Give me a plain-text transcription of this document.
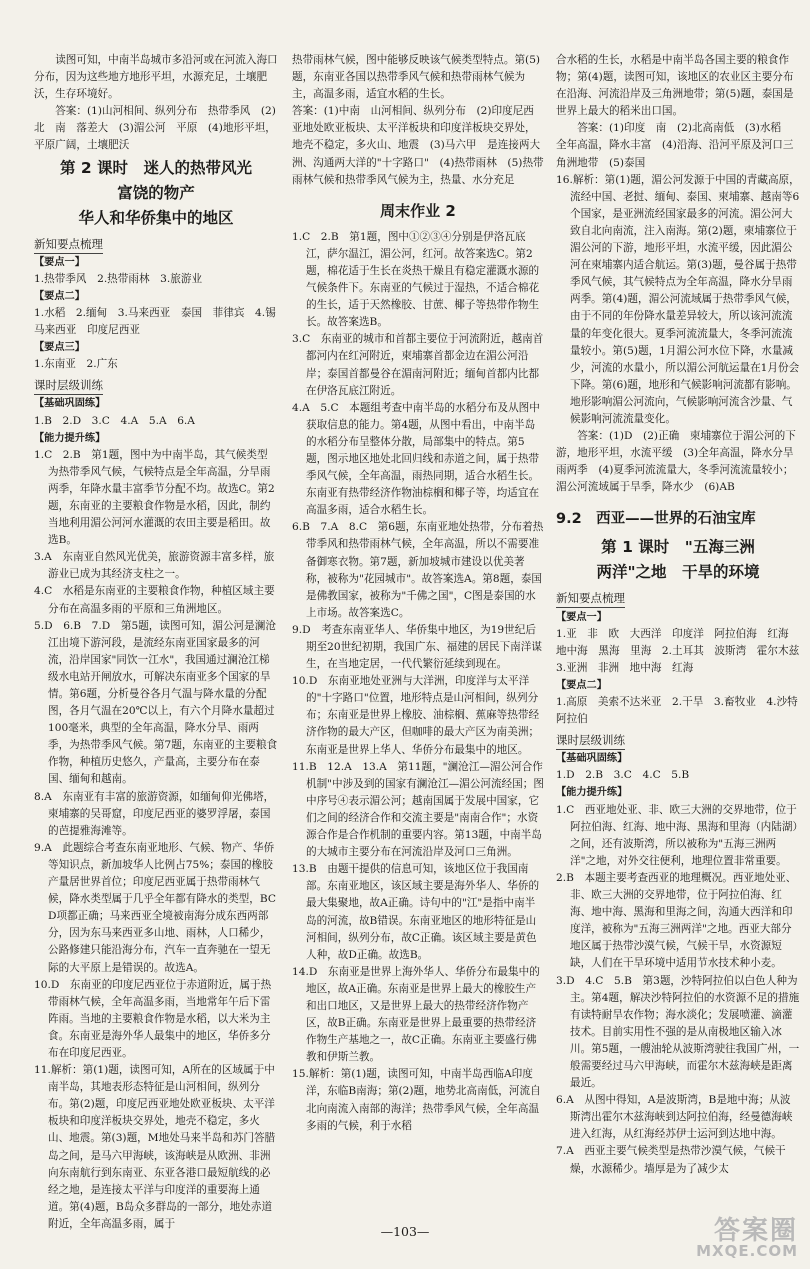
读图可知，中南半岛城市多沿河或在河流入海口分布，因为这些地方地形平坦，水源充足，土壤肥沃，生存环境好。

答案：(1)山河相间、纵列分布　热带季风　(2)北　南　落差大　(3)湄公河　平原　(4)地形平坦，平原广阔，土壤肥沃

第 2 课时　迷人的热带风光
富饶的物产
华人和华侨集中的地区
新知要点梳理

【要点一】

1.热带季风　2.热带雨林　3.旅游业

【要点二】

1.水稻　2.缅甸　3.马来西亚　泰国　菲律宾　4.锡　马来西亚　印度尼西亚

【要点三】

1.东南亚　2.广东

课时层级训练

【基础巩固练】

1.B　2.D　3.C　4.A　5.A　6.A

【能力提升练】

1.C　2.B　第1题，图中为中南半岛，其气候类型为热带季风气候，气候特点是全年高温，分旱雨两季，年降水量丰富季节分配不均。故选C。第2题，东南亚的主要粮食作物是水稻，因此，制约当地利用湄公河河水灌溉的农田主要是稻田。故选B。

3.A　东南亚自然风光优美，旅游资源丰富多样，旅游业已成为其经济支柱之一。

4.C　水稻是东南亚的主要粮食作物，种植区域主要分布在高温多雨的平原和三角洲地区。

5.D　6.B　7.D　第5题，读图可知，湄公河是澜沧江出境下游河段，是流经东南亚国家最多的河流，沿岸国家"同饮一江水"，我国通过澜沧江梯级水电站开闸放水，可解决东南亚多个国家的旱情。第6题，分析曼谷各月气温与降水量的分配图，各月气温在20℃以上，有六个月降水量超过100毫米，典型的全年高温，降水分旱、雨两季，为热带季风气候。第7题，东南亚的主要粮食作物，种植历史悠久，产量高，主要分布在泰国、缅甸和越南。

8.A　东南亚有丰富的旅游资源，如缅甸仰光佛塔，柬埔寨的吴哥窟，印度尼西亚的婆罗浮屠，泰国的芭提雅海滩等。

9.A　此题综合考查东南亚地形、气候、物产、华侨等知识点，新加坡华人比例占75%；泰国的橡胶产量居世界首位；印度尼西亚属于热带雨林气候，降水类型属于几乎全年都有降水的类型，BCD项都正确；马来西亚全境被南海分成东西两部分，因为东马来西亚多山地、雨林，人口稀少，公路修建只能沿海分布，汽车一直奔驰在一望无际的大平原上是错误的。故选A。

10.D　东南亚的印度尼西亚位于赤道附近，属于热带雨林气候，全年高温多雨，当地常年午后下雷阵雨。当地的主要粮食作物是水稻，以大米为主食。东南亚是海外华人最集中的地区，华侨多分布在印度尼西亚。

11.解析：第(1)题，读图可知，A所在的区域属于中南半岛，其地表形态特征是山河相间，纵列分布。第(2)题，印度尼西亚地处欧亚板块、太平洋板块和印度洋板块交界处，地壳不稳定，多火山、地震。第(3)题，M地处马来半岛和苏门答腊岛之间，是马六甲海峡，该海峡是从欧洲、非洲向东南航行到东南亚、东亚各港口最短航线的必经之地，是连接太平洋与印度洋的重要海上通道。第(4)题，B岛众多群岛的一部分，地处赤道附近，全年高温多雨，属于

热带雨林气候，图中能够反映该气候类型特点。第(5)题，东南亚各国以热带季风气候和热带雨林气候为主，高温多雨，适宜水稻的生长。

答案：(1)中南　山河相间、纵列分布　(2)印度尼西亚地处欧亚板块、太平洋板块和印度洋板块交界处，地壳不稳定，多火山、地震　(3)马六甲　是连接两大洲、沟通两大洋的"十字路口"　(4)热带雨林　(5)热带雨林气候和热带季风气候为主，热量、水分充足

周末作业 2

1.C　2.B　第1题，图中①②③④分别是伊洛瓦底江，萨尔温江，湄公河，红河。故答案选C。第2题，棉花适于生长在炎热干燥且有稳定灌溉水源的气候条件下。东南亚的气候过于湿热，不适合棉花的生长，适于天然橡胶、甘蔗、椰子等热带作物生长。故答案选B。

3.C　东南亚的城市和首都主要位于河流附近，越南首都河内在红河附近，柬埔寨首都金边在湄公河沿岸；泰国首都曼谷在湄南河附近；缅甸首都内比都在伊洛瓦底江附近。

4.A　5.C　本题组考查中南半岛的水稻分布及从图中获取信息的能力。第4题，从图中看出，中南半岛的水稻分布呈整体分散，局部集中的特点。第5题，图示地区地处北回归线和赤道之间，属于热带季风气候，全年高温，雨热同期，适合水稻生长。东南亚有热带经济作物油棕榈和椰子等，均适宜在高温多雨，适合水稻生长。

6.B　7.A　8.C　第6题，东南亚地处热带，分布着热带季风和热带雨林气候，全年高温，所以不需要准备御寒衣物。第7题，新加坡城市建设以优美著称，被称为"花园城市"。故答案选A。第8题，泰国是佛教国家，被称为"千佛之国"，C图是泰国的水上市场。故答案选C。

9.D　考查东南亚华人、华侨集中地区，为19世纪后期至20世纪初期，我国广东、福建的居民下南洋谋生，在当地定居，一代代繁衍延续到现在。

10.D　东南亚地处亚洲与大洋洲，印度洋与太平洋的"十字路口"位置，地形特点是山河相间，纵列分布；东南亚是世界上橡胶、油棕榈、蕉麻等热带经济作物的最大产区，但咖啡的最大产区为南美洲；东南亚是世界上华人、华侨分布最集中的地区。

11.B　12.A　13.A　第11题，"澜沧江—湄公河合作机制"中涉及到的国家有澜沧江—湄公河流经国；图中序号④表示湄公河；越南国属于发展中国家，它们之间的经济合作和交流主要是"南南合作"；水资源合作是合作机制的重要内容。第13题，中南半岛的大城市主要分布在河流沿岸及河口三角洲。

13.B　由题干提供的信息可知，该地区位于我国南部。东南亚地区，该区域主要是海外华人、华侨的最大集聚地，故A正确。诗句中的"江"是指中南半岛的河流，故B错误。东南亚地区的地形特征是山河相间，纵列分布，故C正确。该区域主要是黄色人种，故D正确。故选B。

14.D　东南亚是世界上海外华人、华侨分布最集中的地区，故A正确。东南亚是世界上最大的橡胶生产和出口地区，又是世界上最大的热带经济作物产区，故B正确。东南亚是世界上最重要的热带经济作物生产基地之一，故C正确。东南亚主要盛行佛教和伊斯兰教。

15.解析：第(1)题，读图可知，中南半岛西临A印度洋，东临B南海；第(2)题，地势北高南低，河流自北向南流入南部的海洋；热带季风气候，全年高温多雨的气候，利于水稻

合水稻的生长，水稻是中南半岛各国主要的粮食作物；第(4)题，读图可知，该地区的农业区主要分布在沿海、河流沿岸及三角洲地带；第(5)题，泰国是世界上最大的稻米出口国。

答案：(1)印度　南　(2)北高南低　(3)水稻　全年高温，降水丰富　(4)沿海、沿河平原及河口三角洲地带　(5)泰国

16.解析：第(1)题，湄公河发源于中国的青藏高原，流经中国、老挝、缅甸、泰国、柬埔寨、越南等6个国家，是亚洲流经国家最多的河流。湄公河大致自北向南流，注入南海。第(2)题，柬埔寨位于湄公河的下游，地形平坦，水流平缓，因此湄公河在柬埔寨内适合航运。第(3)题，曼谷属于热带季风气候，其气候特点为全年高温，降水分旱雨两季。第(4)题，湄公河流域属于热带季风气候，由于不同的年份降水量差异较大，所以该河流流量的年变化很大。夏季河流流量大，冬季河流流量较小。第(5)题，1月湄公河水位下降，水量减少，河流的水量小，所以湄公河航运量在1月份会下降。第(6)题，地形和气候影响河流都有影响。地形影响湄公河流向，气候影响河流含沙量、气候影响河流流量变化。

答案：(1)D　(2)正确　柬埔寨位于湄公河的下游，地形平坦，水流平缓　(3)全年高温，降水分旱雨两季　(4)夏季河流流量大，冬季河流流量较小；湄公河流域属于旱季，降水少　(6)AB

9.2　西亚——世界的石油宝库
第 1 课时　"五海三洲
两洋"之地　干旱的环境
新知要点梳理

【要点一】

1.亚　非　欧　大西洋　印度洋　阿拉伯海　红海　地中海　黑海　里海　2.土耳其　波斯湾　霍尔木兹　3.亚洲　非洲　地中海　红海

【要点二】

1.高原　美索不达米亚　2.干旱　3.畜牧业　4.沙特阿拉伯

课时层级训练

【基础巩固练】

1.D　2.B　3.C　4.C　5.B

【能力提升练】

1.C　西亚地处亚、非、欧三大洲的交界地带，位于阿拉伯海、红海、地中海、黑海和里海（内陆湖）之间，还有波斯湾，所以被称为"五海三洲两洋"之地，对外交往便利，地理位置非常重要。

2.B　本题主要考查西亚的地理概况。西亚地处亚、非、欧三大洲的交界地带，位于阿拉伯海、红海、地中海、黑海和里海之间，沟通大西洋和印度洋，被称为"五海三洲两洋"之地。西亚大部分地区属于热带沙漠气候，气候干旱，水资源短缺，人们在干旱环境中适用节水技术种小麦。

3.D　4.C　5.B　第3题，沙特阿拉伯以白色人种为主。第4题，解决沙特阿拉伯的水资源不足的措施有读特耐旱农作物；海水淡化；发展喷灌、滴灌技术。目前实用性不强的是从南极地区输入冰川。第5题，一艘油轮从波斯湾驶往我国广州，一般需要经过马六甲海峡，而霍尔木兹海峡是距离最近。

6.A　从图中得知，A是波斯湾，B是地中海；从波斯湾出霍尔木兹海峡到达阿拉伯海，经曼德海峡进入红海，从红海经苏伊士运河到达地中海。

7.A　西亚主要气候类型是热带沙漠气候，气候干燥，水源稀少。墙厚是为了减少太

—103—	答案圈
MXQE.COM
